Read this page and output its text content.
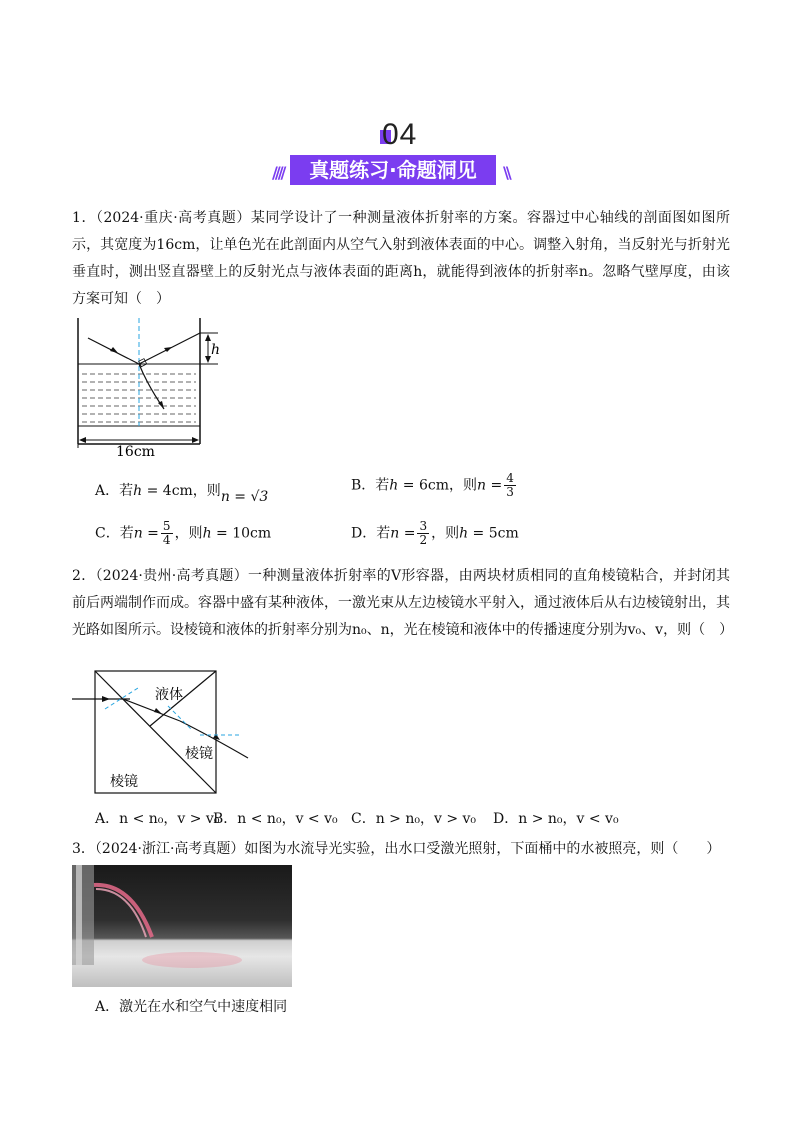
04
////	真题练习·命题洞见	\\
1．（2024·重庆·高考真题）某同学设计了一种测量液体折射率的方案。容器过中心轴线的剖面图如图所示，其宽度为16cm，让单色光在此剖面内从空气入射到液体表面的中心。调整入射角，当反射光与折射光垂直时，测出竖直器壁上的反射光点与液体表面的距离h，就能得到液体的折射率n。忽略气壁厚度，由该方案可知（　）
h
16cm
A．若h = 4cm，则n = √3
B．若h = 6cm，则$n = \frac{4}{3}$
C．若$n = \frac{5}{4}$ ，则h = 10cm	D．若$n = \frac{3}{2}$ ，则h = 5cm
2．（2024·贵州·高考真题）一种测量液体折射率的V形容器，由两块材质相同的直角棱镜粘合，并封闭其前后两端制作而成。容器中盛有某种液体，一激光束从左边棱镜水平射入，通过液体后从右边棱镜射出，其光路如图所示。设棱镜和液体的折射率分别为n₀、n，光在棱镜和液体中的传播速度分别为v₀、v，则（　）
液体
棱镜
棱镜
A．n < n₀，v > v₀
B．n < n₀，v < v₀ C．n > n₀，v > v₀ D．n > n₀，v < v₀
3．（2024·浙江·高考真题）如图为水流导光实验，出水口受激光照射，下面桶中的水被照亮，则（　　）
A．激光在水和空气中速度相同
